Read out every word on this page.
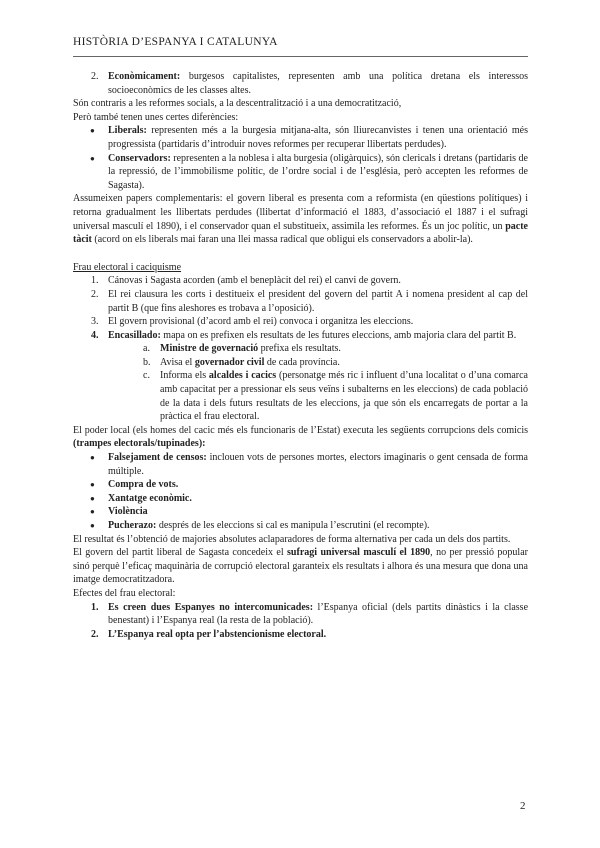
HISTÒRIA D’ESPANYA I CATALUNYA
2. Econòmicament: burgesos capitalistes, representen amb una política dretana els interessos socioeconòmics de les classes altes.

Són contraris a les reformes socials, a la descentralització i a una democratització,

Però també tenen unes certes diferències:

● Liberals: representen més a la burgesia mitjana-alta, són lliurecanvistes i tenen una orientació més progressista (partidaris d’introduir noves reformes per recuperar llibertats perdudes).
● Conservadors: representen a la noblesa i alta burgesia (oligàrquics), són clericals i dretans (partidaris de la repressió, de l’immobilisme polític, de l’ordre social i de l’església, però accepten les reformes de Sagasta).

Assumeixen papers complementaris: el govern liberal es presenta com a reformista (en qüestions polítiques) i retorna gradualment les llibertats perdudes (llibertat d’informació el 1883, d’associació el 1887 i el sufragi universal masculí el 1890), i el conservador quan el substitueix, assimila les reformes. És un joc polític, un pacte tàcit (acord on els liberals mai faran una llei massa radical que obligui els conservadors a abolir-la).

Frau electoral i caciquisme

1. Cánovas i Sagasta acorden (amb el beneplàcit del rei) el canvi de govern.
2. El rei clausura les corts i destitueix el president del govern del partit A i nomena president al cap del partit B (que fins aleshores es trobava a l’oposició).
3. El govern provisional (d’acord amb el rei) convoca i organitza les eleccions.
4. Encasillado: mapa on es prefixen els resultats de les futures eleccions, amb majoria clara del partit B.
a. Ministre de governació prefixa els resultats.
b. Avisa el governador civil de cada província.
c. Informa els alcaldes i cacics (personatge més ric i influent d’una localitat o d’una comarca amb capacitat per a pressionar els seus veïns i subalterns en les eleccions) de cada població de la data i dels futurs resultats de les eleccions, ja que són els encarregats de portar a la pràctica el frau electoral.

El poder local (els homes del cacic més els funcionaris de l’Estat) executa les següents corrupcions dels comicis (trampes electorals/tupinades):

● Falsejament de censos: inclouen vots de persones mortes, electors imaginaris o gent censada de forma múltiple.
● Compra de vots.
● Xantatge econòmic.
● Violència
● Pucherazo: després de les eleccions si cal es manipula l’escrutini (el recompte).

El resultat és l’obtenció de majories absolutes aclaparadores de forma alternativa per cada un dels dos partits.

El govern del partit liberal de Sagasta concedeix el sufragi universal masculí el 1890, no per pressió popular sinó perquè l’eficaç maquinària de corrupció electoral garanteix els resultats i alhora és una mesura que dona una imatge democratitzadora.

Efectes del frau electoral:

1. Es creen dues Espanyes no intercomunicades: l’Espanya oficial (dels partits dinàstics i la classe benestant) i l’Espanya real (la resta de la població).
2. L’Espanya real opta per l’abstencionisme electoral.
2
